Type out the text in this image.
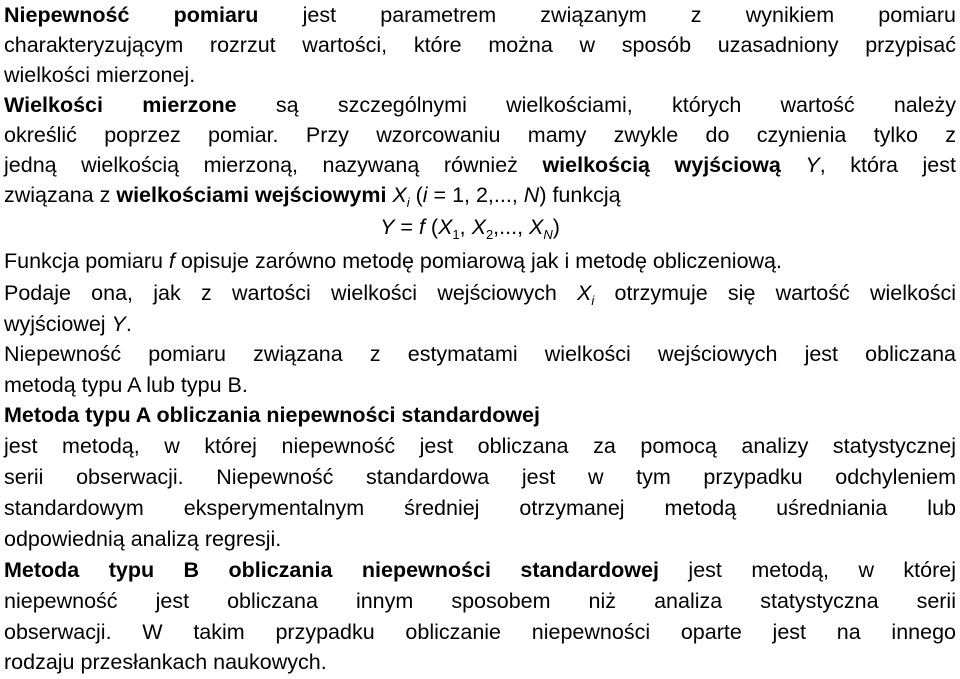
Niepewność pomiaru jest parametrem związanym z wynikiem pomiaru
charakteryzującym rozrzut wartości, które można w sposób uzasadniony przypisać
wielkości mierzonej.
Wielkości mierzone są szczególnymi wielkościami, których wartość należy
określić poprzez pomiar. Przy wzorcowaniu mamy zwykle do czynienia tylko z
jedną wielkością mierzoną, nazywaną również wielkością wyjściową Y, która jest
związana z wielkościami wejściowymi $X_i$ (i = 1, 2,..., N) funkcją
Y = f ($X_1$, $X_2$,..., $X_N$)
Funkcja pomiaru f opisuje zarówno metodę pomiarową jak i metodę obliczeniową.
Podaje ona, jak z wartości wielkości wejściowych $X_i$ otrzymuje się wartość wielkości
wyjściowej Y.
Niepewność pomiaru związana z estymatami wielkości wejściowych jest obliczana
metodą typu A lub typu B.
Metoda typu A obliczania niepewności standardowej
jest metodą, w której niepewność jest obliczana za pomocą analizy statystycznej
serii obserwacji. Niepewność standardowa jest w tym przypadku odchyleniem
standardowym eksperymentalnym średniej otrzymanej metodą uśredniania lub
odpowiednią analizą regresji.
Metoda typu B obliczania niepewności standardowej jest metodą, w której
niepewność jest obliczana innym sposobem niż analiza statystyczna serii
obserwacji. W takim przypadku obliczanie niepewności oparte jest na innego
rodzaju przesłankach naukowych.
